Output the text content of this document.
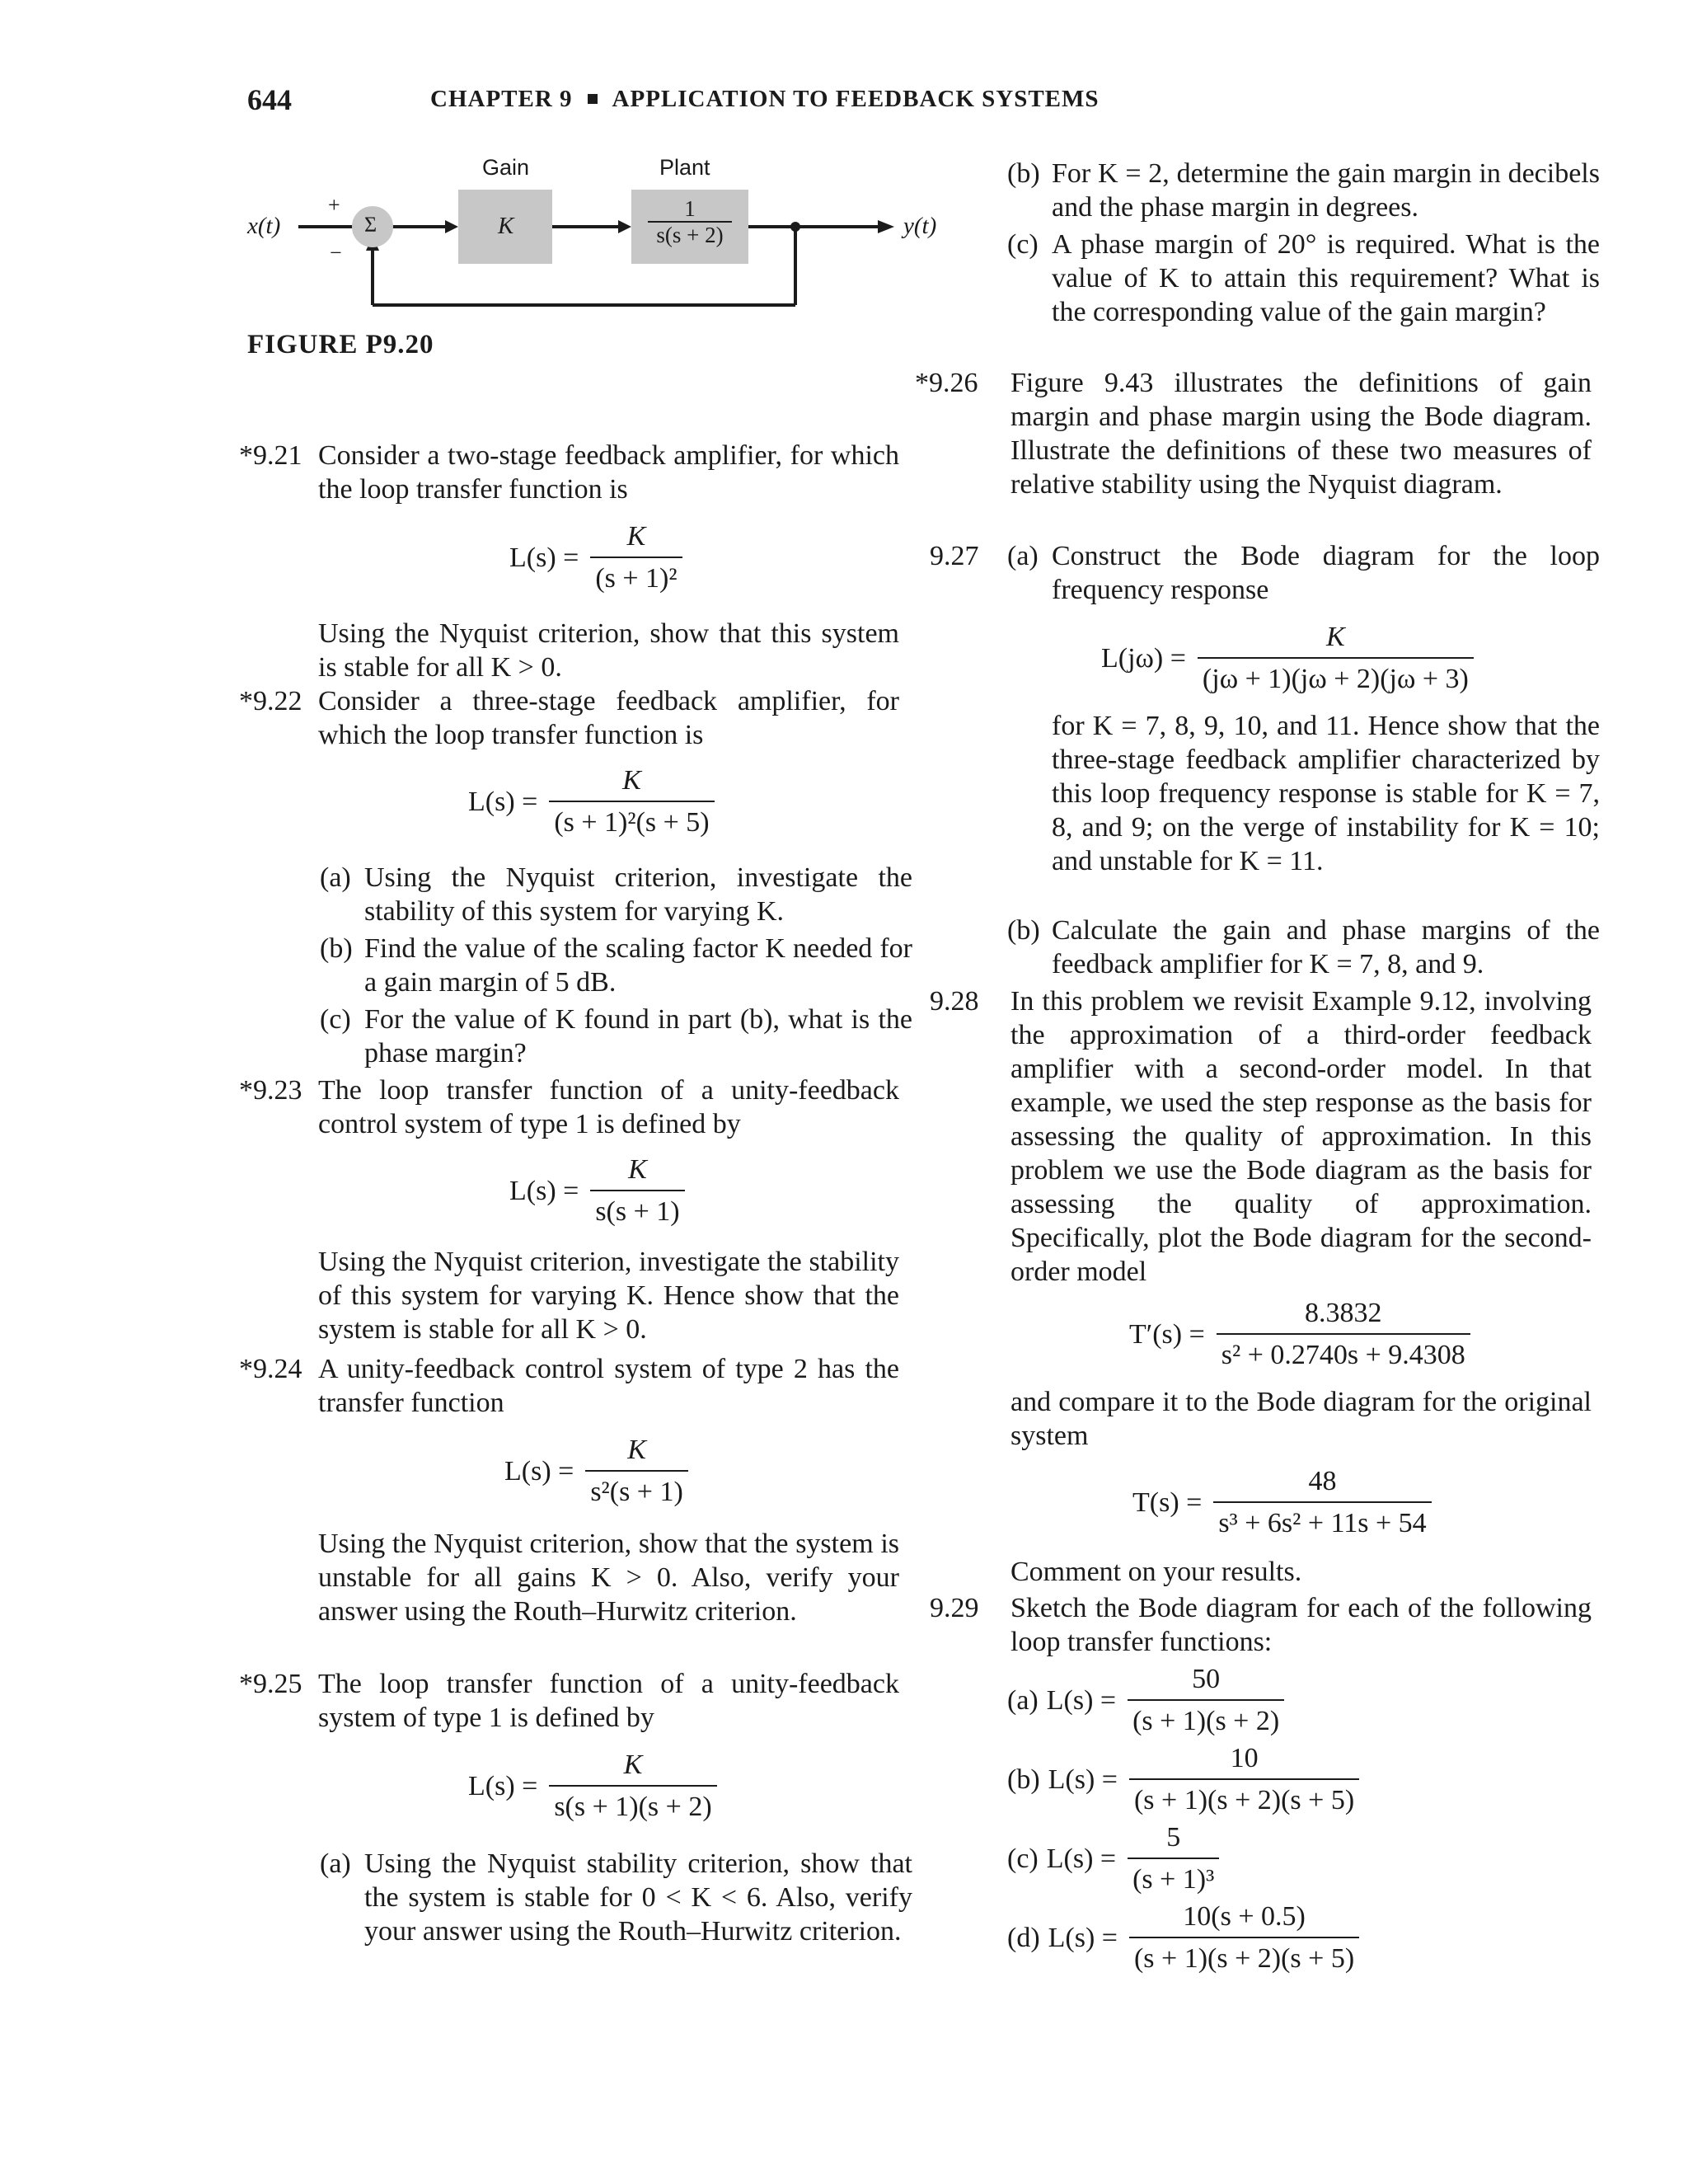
644	CHAPTER 9 APPLICATION TO FEEDBACK SYSTEMS
Gain	Plant
x(t)	y(t)
Σ
+
−
K	$\frac{1}{s(s + 2)}$
FIGURE P9.20
*9.21 Consider a two-stage feedback amplifier, for which the loop transfer function is
$L(s) = \frac{K}{\text{(s + 1)²}}$
Using the Nyquist criterion, show that this system is stable for all K > 0.
*9.22 Consider a three-stage feedback amplifier, for which the loop transfer function is
$L(s) = \frac{K}{\text{(s + 1)²(s + 5)}}$
(a) Using the Nyquist criterion, investigate the stability of this system for varying K.
(b) Find the value of the scaling factor K needed for a gain margin of 5 dB.
(c) For the value of K found in part (b), what is the phase margin?
*9.23 The loop transfer function of a unity-feedback control system of type 1 is defined by
$L(s) = \frac{K}{s(s + 1)}$
Using the Nyquist criterion, investigate the stability of this system for varying K. Hence show that the system is stable for all K > 0.
*9.24 A unity-feedback control system of type 2 has the transfer function
$L(s) = \frac{K}{\text{s²(s + 1)}}$
Using the Nyquist criterion, show that the system is unstable for all gains K > 0. Also, verify your answer using the Routh–Hurwitz criterion.
*9.25 The loop transfer function of a unity-feedback system of type 1 is defined by
$L(s) = \frac{K}{s(s + 1)(s + 2)}$
(a) Using the Nyquist stability criterion, show that the system is stable for 0 < K < 6. Also, verify your answer using the Routh–Hurwitz criterion.
(b) For K = 2, determine the gain margin in decibels and the phase margin in degrees.
(c) A phase margin of 20° is required. What is the value of K to attain this requirement? What is the corresponding value of the gain margin?
*9.26 Figure 9.43 illustrates the definitions of gain margin and phase margin using the Bode diagram. Illustrate the definitions of these two measures of relative stability using the Nyquist diagram.
9.27 (a) Construct the Bode diagram for the loop frequency response
$L(j\omega) = \frac{K}{(j\omega + 1)(j\omega + 2)(j\omega + 3)}$
for K = 7, 8, 9, 10, and 11. Hence show that the three-stage feedback amplifier characterized by this loop frequency response is stable for K = 7, 8, and 9; on the verge of instability for K = 10; and unstable for K = 11.
(b) Calculate the gain and phase margins of the feedback amplifier for K = 7, 8, and 9.
9.28 In this problem we revisit Example 9.12, involving the approximation of a third-order feedback amplifier with a second-order model. In that example, we used the step response as the basis for assessing the quality of approximation. In this problem we use the Bode diagram as the basis for assessing the quality of approximation. Specifically, plot the Bode diagram for the second-order model
$T'(s) = \frac{8.3832}{\text{s² + 0.2740s + 9.4308}}$
and compare it to the Bode diagram for the original system
$T(s) = \frac{48}{\text{s³ + 6s² + 11s + 54}}$
Comment on your results.
9.29 Sketch the Bode diagram for each of the following loop transfer functions:
(a) $L(s) = \frac{50}{(s + 1)(s + 2)}$
(b) $L(s) = \frac{10}{(s + 1)(s + 2)(s + 5)}$
(c) $L(s) = \frac{5}{\text{(s + 1)³}}$
(d) $L(s) = \frac{10(s + 0.5)}{(s + 1)(s + 2)(s + 5)}$
